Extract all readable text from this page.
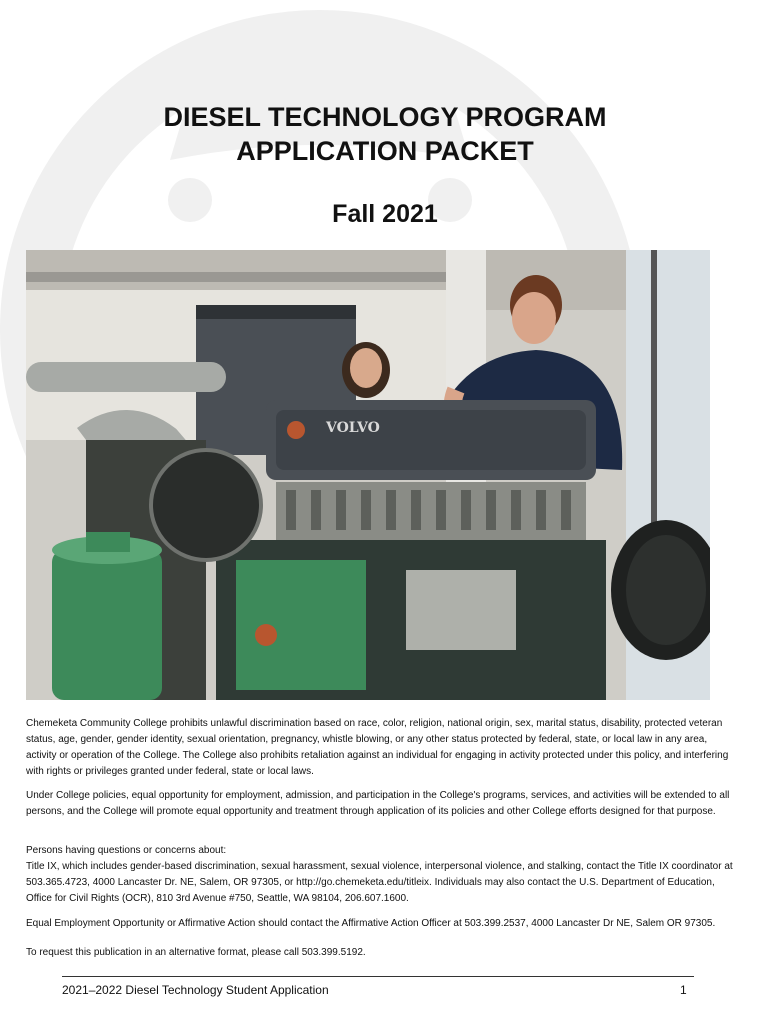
DIESEL TECHNOLOGY PROGRAM
APPLICATION PACKET
Fall 2021
VOLVO

Chemeketa Community College prohibits unlawful discrimination based on race, color, religion, national origin, sex, marital status, disability, protected veteran status, age, gender, gender identity, sexual orientation, pregnancy, whistle blowing, or any other status protected by federal, state, or local law in any area, activity or operation of the College. The College also prohibits retaliation against an individual for engaging in activity protected under this policy, and interfering with rights or privileges granted under federal, state or local laws.

Under College policies, equal opportunity for employment, admission, and participation in the College's programs, services, and activities will be extended to all persons, and the College will promote equal opportunity and treatment through application of its policies and other College efforts designed for that purpose.

Persons having questions or concerns about:
Title IX, which includes gender-based discrimination, sexual harassment, sexual violence, interpersonal violence, and stalking, contact the Title IX coordinator at 503.365.4723, 4000 Lancaster Dr. NE, Salem, OR 97305, or http://go.chemeketa.edu/titleix. Individuals may also contact the U.S. Department of Education, Office for Civil Rights (OCR), 810 3rd Avenue #750, Seattle, WA 98104, 206.607.1600.

Equal Employment Opportunity or Affirmative Action should contact the Affirmative Action Officer at 503.399.2537, 4000 Lancaster Dr NE, Salem OR 97305.

To request this publication in an alternative format, please call 503.399.5192.

2021–2022 Diesel Technology Student Application	1
